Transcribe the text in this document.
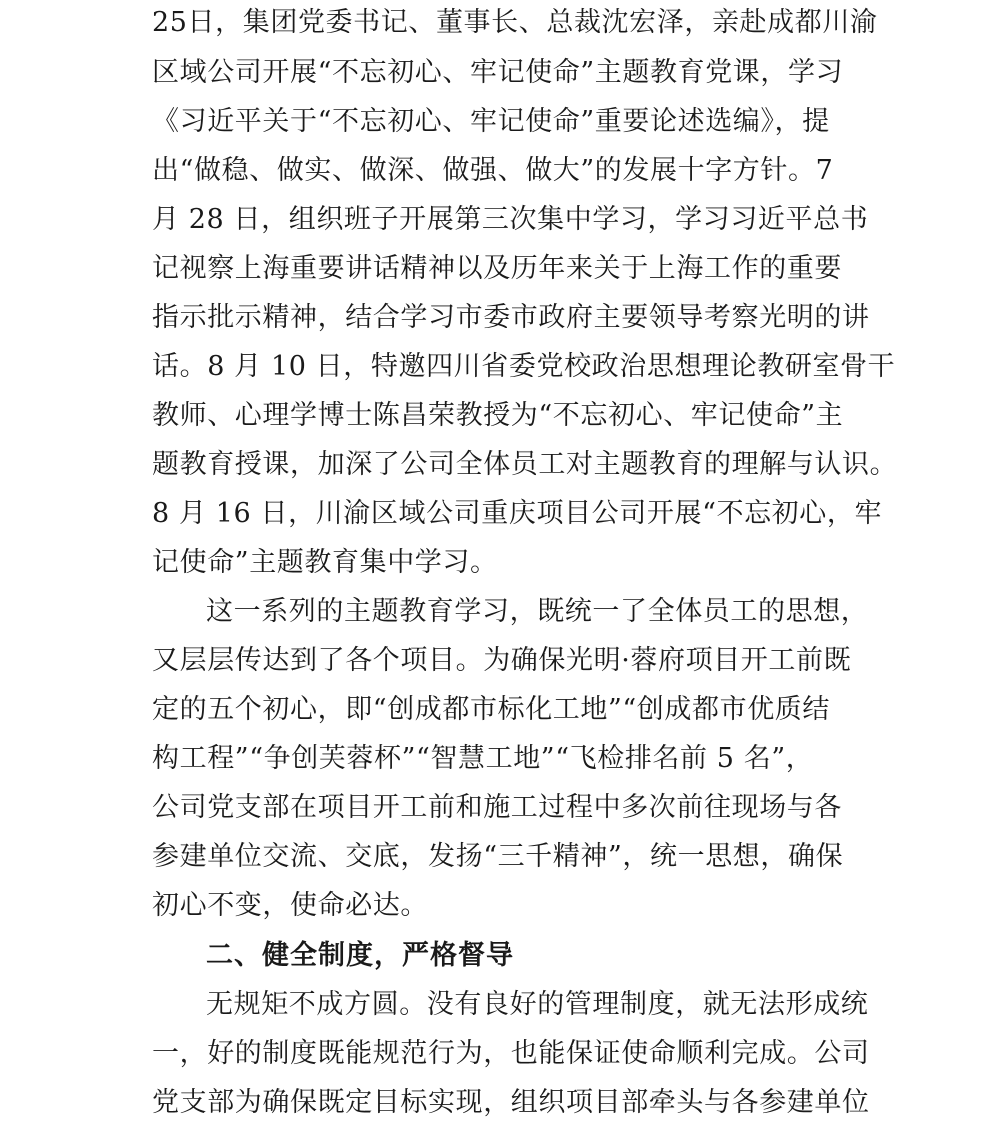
25日，集团党委书记、董事长、总裁沈宏泽，亲赴成都川渝
区域公司开展“不忘初心、牢记使命”主题教育党课，学习
《习近平关于“不忘初心、牢记使命”重要论述选编》，提
出“做稳、做实、做深、做强、做大”的发展十字方针。7
月 28 日，组织班子开展第三次集中学习，学习习近平总书
记视察上海重要讲话精神以及历年来关于上海工作的重要
指示批示精神，结合学习市委市政府主要领导考察光明的讲
话。8 月 10 日，特邀四川省委党校政治思想理论教研室骨干
教师、心理学博士陈昌荣教授为“不忘初心、牢记使命”主
题教育授课，加深了公司全体员工对主题教育的理解与认识。
8 月 16 日，川渝区域公司重庆项目公司开展“不忘初心，牢
记使命”主题教育集中学习。
这一系列的主题教育学习，既统一了全体员工的思想，
又层层传达到了各个项目。为确保光明·蓉府项目开工前既
定的五个初心，即“创成都市标化工地”“创成都市优质结
构工程”“争创芙蓉杯”“智慧工地”“飞检排名前 5 名”，
公司党支部在项目开工前和施工过程中多次前往现场与各
参建单位交流、交底，发扬“三千精神”，统一思想，确保
初心不变，使命必达。
二、健全制度，严格督导
无规矩不成方圆。没有良好的管理制度，就无法形成统
一，好的制度既能规范行为，也能保证使命顺利完成。公司
党支部为确保既定目标实现，组织项目部牵头与各参建单位
